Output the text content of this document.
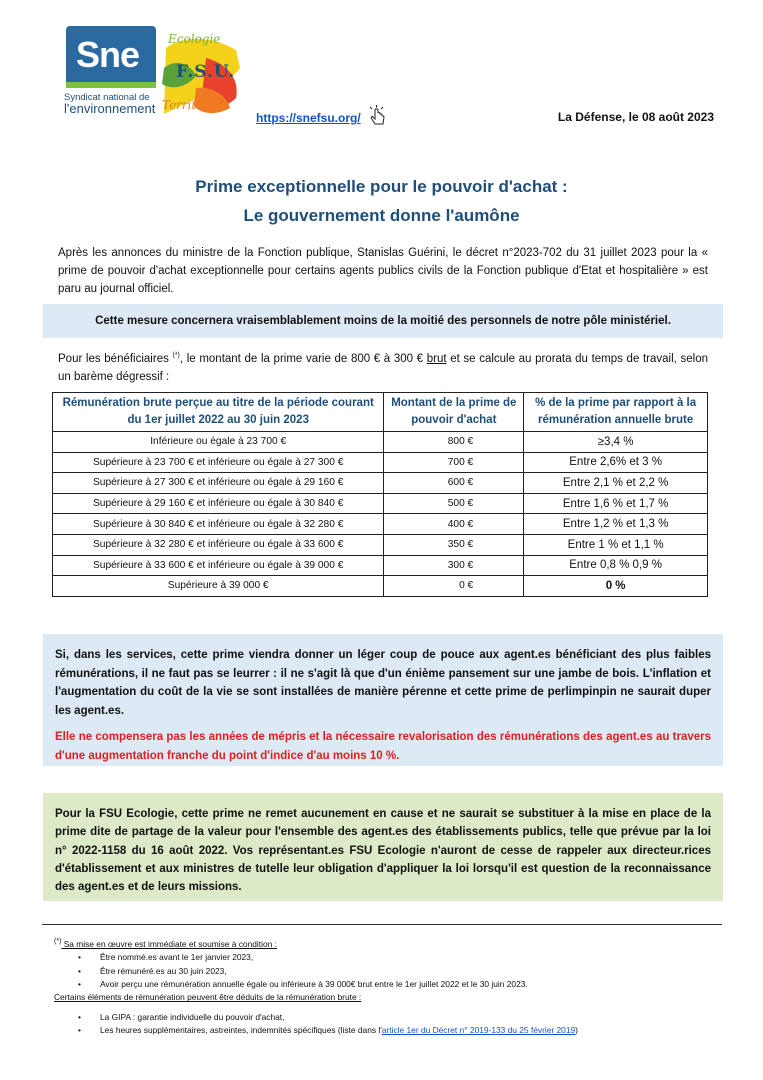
Sne
Syndicat national de
l'environnement
Ecologie
F.S.U.
Territ
https://snefsu.org/	La Défense, le 08 août 2023
Prime exceptionnelle pour le pouvoir d'achat :
Le gouvernement donne l'aumône

Après les annonces du ministre de la Fonction publique, Stanislas Guérini, le décret n°2023-702 du 31 juillet 2023 pour la « prime de pouvoir d'achat exceptionnelle pour certains agents publics civils de la Fonction publique d'Etat et hospitalière » est paru au journal officiel.

Cette mesure concernera vraisemblablement moins de la moitié des personnels de notre pôle ministériel.

Pour les bénéficiaires (*), le montant de la prime varie de 800 € à 300 € brut et se calcule au prorata du temps de travail, selon un barème dégressif :

Rémunération brute perçue au titre de la période courant du 1er juillet 2022 au 30 juin 2023	Montant de la prime de pouvoir d'achat	% de la prime par rapport à la rémunération annuelle brute
Inférieure ou égale à 23 700 €	800 €	≥3,4 %
Supérieure à 23 700 € et inférieure ou égale à 27 300 €	700 €	Entre 2,6% et 3 %
Supérieure à 27 300 € et inférieure ou égale à 29 160 €	600 €	Entre 2,1 % et 2,2 %
Supérieure à 29 160 € et inférieure ou égale à 30 840 €	500 €	Entre 1,6 % et 1,7 %
Supérieure à 30 840 € et inférieure ou égale à 32 280 €	400 €	Entre 1,2 % et 1,3 %
Supérieure à 32 280 € et inférieure ou égale à 33 600 €	350 €	Entre 1 % et 1,1 %
Supérieure à 33 600 € et inférieure ou égale à 39 000 €	300 €	Entre 0,8 % 0,9 %
Supérieure à 39 000 €	0 €	0 %

Si, dans les services, cette prime viendra donner un léger coup de pouce aux agent.es bénéficiant des plus faibles rémunérations, il ne faut pas se leurrer : il ne s'agit là que d'un énième pansement sur une jambe de bois. L'inflation et l'augmentation du coût de la vie se sont installées de manière pérenne et cette prime de perlimpinpin ne saurait duper les agent.es.

Elle ne compensera pas les années de mépris et la nécessaire revalorisation des rémunérations des agent.es au travers d'une augmentation franche du point d'indice d'au moins 10 %.

Pour la FSU Ecologie, cette prime ne remet aucunement en cause et ne saurait se substituer à la mise en place de la prime dite de partage de la valeur pour l'ensemble des agent.es des établissements publics, telle que prévue par la loi n° 2022-1158 du 16 août 2022. Vos représentant.es FSU Ecologie n'auront de cesse de rappeler aux directeur.rices d'établissement et aux ministres de tutelle leur obligation d'appliquer la loi lorsqu'il est question de la reconnaissance des agent.es et de leurs missions.

(*) Sa mise en œuvre est immédiate et soumise à condition :
• Être nommé.es avant le 1er janvier 2023,
• Être rémunéré.es au 30 juin 2023,
• Avoir perçu une rémunération annuelle égale ou inférieure à 39 000€ brut entre le 1er juillet 2022 et le 30 juin 2023.
Certains éléments de rémunération peuvent être déduits de la rémunération brute :
• La GIPA : garantie individuelle du pouvoir d'achat,
• Les heures supplémentaires, astreintes, indemnités spécifiques (liste dans l'article 1er du Décret n° 2019-133 du 25 février 2019)
